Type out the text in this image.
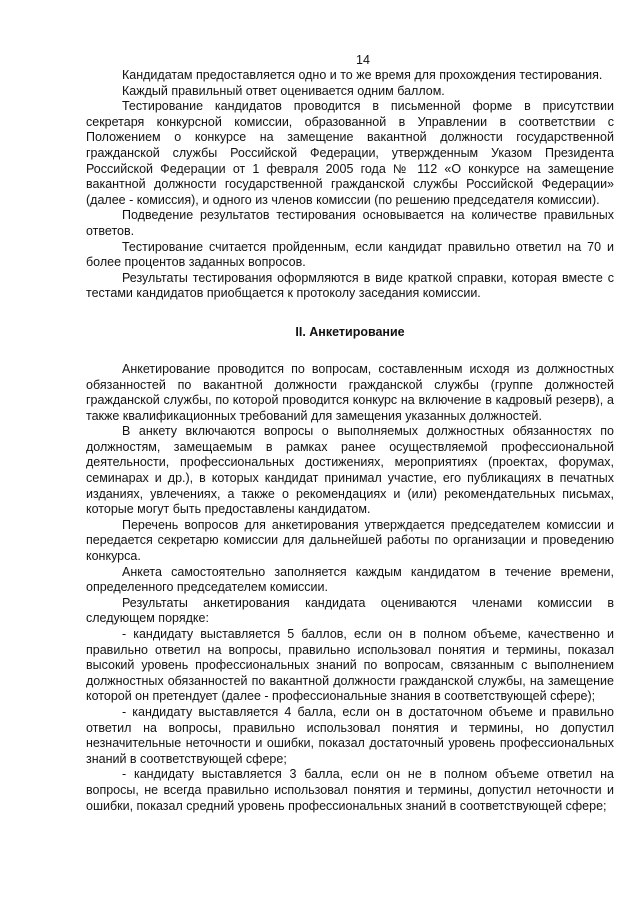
14

Кандидатам предоставляется одно и то же время для прохождения тестирования.

Каждый правильный ответ оценивается одним баллом.

Тестирование кандидатов проводится в письменной форме в присутствии секретаря конкурсной комиссии, образованной в Управлении в соответствии с Положением о конкурсе на замещение вакантной должности государственной гражданской службы Российской Федерации, утвержденным Указом Президента Российской Федерации от 1 февраля 2005 года № 112 «О конкурсе на замещение вакантной должности государственной гражданской службы Российской Федерации» (далее - комиссия), и одного из членов комиссии (по решению председателя комиссии).

Подведение результатов тестирования основывается на количестве правильных ответов.

Тестирование считается пройденным, если кандидат правильно ответил на 70 и более процентов заданных вопросов.

Результаты тестирования оформляются в виде краткой справки, которая вместе с тестами кандидатов приобщается к протоколу заседания комиссии.

II. Анкетирование

Анкетирование проводится по вопросам, составленным исходя из должностных обязанностей по вакантной должности гражданской службы (группе должностей гражданской службы, по которой проводится конкурс на включение в кадровый резерв), а также квалификационных требований для замещения указанных должностей.

В анкету включаются вопросы о выполняемых должностных обязанностях по должностям, замещаемым в рамках ранее осуществляемой профессиональной деятельности, профессиональных достижениях, мероприятиях (проектах, форумах, семинарах и др.), в которых кандидат принимал участие, его публикациях в печатных изданиях, увлечениях, а также о рекомендациях и (или) рекомендательных письмах, которые могут быть предоставлены кандидатом.

Перечень вопросов для анкетирования утверждается председателем комиссии и передается секретарю комиссии для дальнейшей работы по организации и проведению конкурса.

Анкета самостоятельно заполняется каждым кандидатом в течение времени, определенного председателем комиссии.

Результаты анкетирования кандидата оцениваются членами комиссии в следующем порядке:

- кандидату выставляется 5 баллов, если он в полном объеме, качественно и правильно ответил на вопросы, правильно использовал понятия и термины, показал высокий уровень профессиональных знаний по вопросам, связанным с выполнением должностных обязанностей по вакантной должности гражданской службы, на замещение которой он претендует (далее - профессиональные знания в соответствующей сфере);

- кандидату выставляется 4 балла, если он в достаточном объеме и правильно ответил на вопросы, правильно использовал понятия и термины, но допустил незначительные неточности и ошибки, показал достаточный уровень профессиональных знаний в соответствующей сфере;

- кандидату выставляется 3 балла, если он не в полном объеме ответил на вопросы, не всегда правильно использовал понятия и термины, допустил неточности и ошибки, показал средний уровень профессиональных знаний в соответствующей сфере;
